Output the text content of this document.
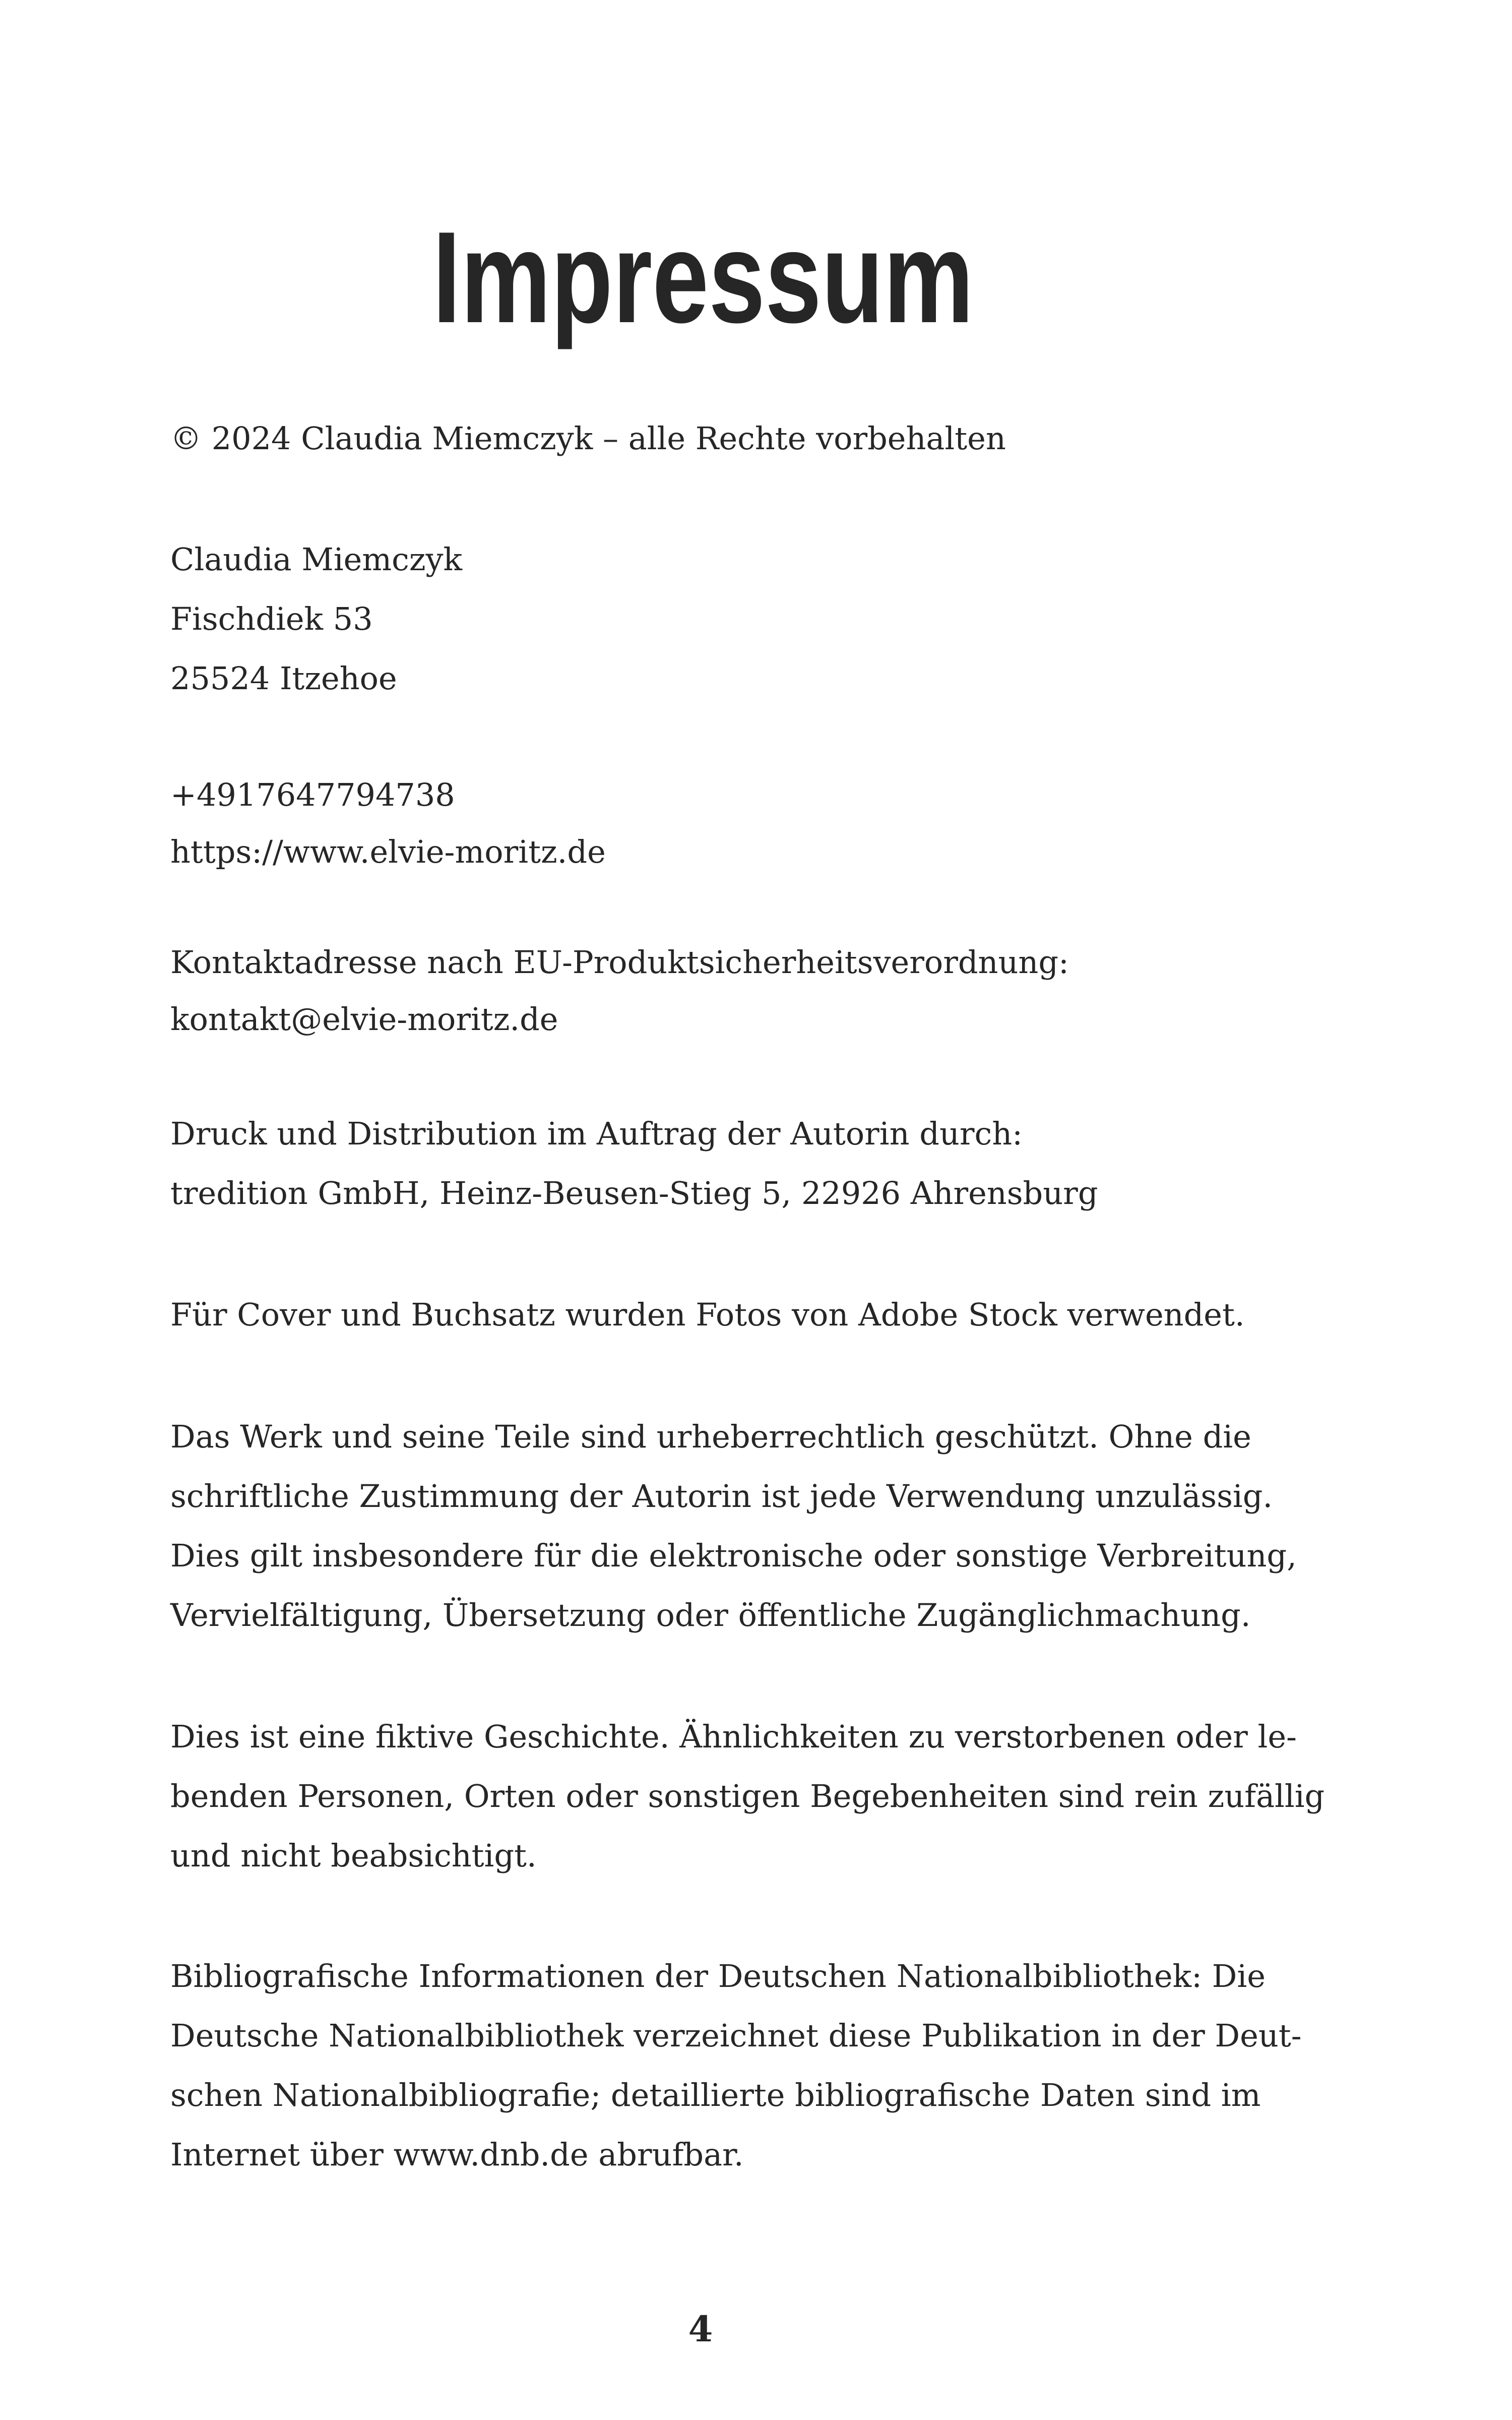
Impressum
© 2024 Claudia Miemczyk – alle Rechte vorbehalten
Claudia Miemczyk
Fischdiek 53
25524 Itzehoe
+4917647794738
https://www.elvie-moritz.de
Kontaktadresse nach EU-Produktsicherheitsverordnung:
kontakt@elvie-moritz.de
Druck und Distribution im Auftrag der Autorin durch:
tredition GmbH, Heinz-Beusen-Stieg 5, 22926 Ahrensburg
Für Cover und Buchsatz wurden Fotos von Adobe Stock verwendet.
Das Werk und seine Teile sind urheberrechtlich geschützt. Ohne die
schriftliche Zustimmung der Autorin ist jede Verwendung unzulässig.
Dies gilt insbesondere für die elektronische oder sonstige Verbreitung,
Vervielfältigung, Übersetzung oder öffentliche Zugänglichmachung.
Dies ist eine fiktive Geschichte. Ähnlichkeiten zu verstorbenen oder le-
benden Personen, Orten oder sonstigen Begebenheiten sind rein zufällig
und nicht beabsichtigt.
Bibliografische Informationen der Deutschen Nationalbibliothek: Die
Deutsche Nationalbibliothek verzeichnet diese Publikation in der Deut-
schen Nationalbibliografie; detaillierte bibliografische Daten sind im
Internet über www.dnb.de abrufbar.
4
